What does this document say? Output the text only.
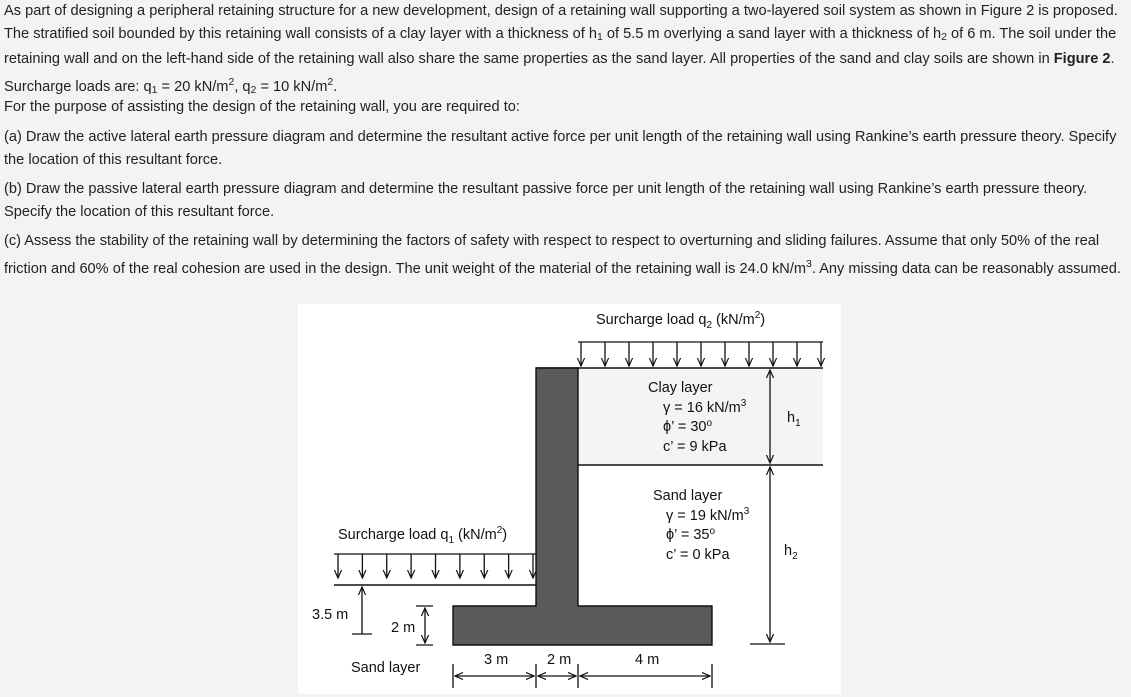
As part of designing a peripheral retaining structure for a new development, design of a retaining wall supporting a two-layered soil system as shown in Figure 2 is proposed. The stratified soil bounded by this retaining wall consists of a clay layer with a thickness of h1 of 5.5 m overlying a sand layer with a thickness of h2 of 6 m. The soil under the retaining wall and on the left-hand side of the retaining wall also share the same properties as the sand layer. All properties of the sand and clay soils are shown in Figure 2. Surcharge loads are: q1 = 20 $kN/m^2$, q2 = 10 $kN/m^2$.

For the purpose of assisting the design of the retaining wall, you are required to:

(a) Draw the active lateral earth pressure diagram and determine the resultant active force per unit length of the retaining wall using Rankine’s earth pressure theory. Specify the location of this resultant force.

(b) Draw the passive lateral earth pressure diagram and determine the resultant passive force per unit length of the retaining wall using Rankine’s earth pressure theory. Specify the location of this resultant force.

(c) Assess the stability of the retaining wall by determining the factors of safety with respect to respect to overturning and sliding failures. Assume that only 50% of the real friction and 60% of the real cohesion are used in the design. The unit weight of the material of the retaining wall is 24.0 $kN/m^3$. Any missing data can be reasonably assumed.

Surcharge load $q_2$ $(kN/m^2)$
Surcharge load $q_1$ $(kN/m^2)$
Clay layer
γ = 16 $kN/m^3$
ϕ’ = $30^o$
c’ = 9 kPa
Sand layer
γ = 19 $kN/m^3$
ϕ’ = $35^o$
c’ = 0 kPa
$h_1$
$h_2$
3.5 m
2 m
3 m	2 m	4 m
Sand layer
